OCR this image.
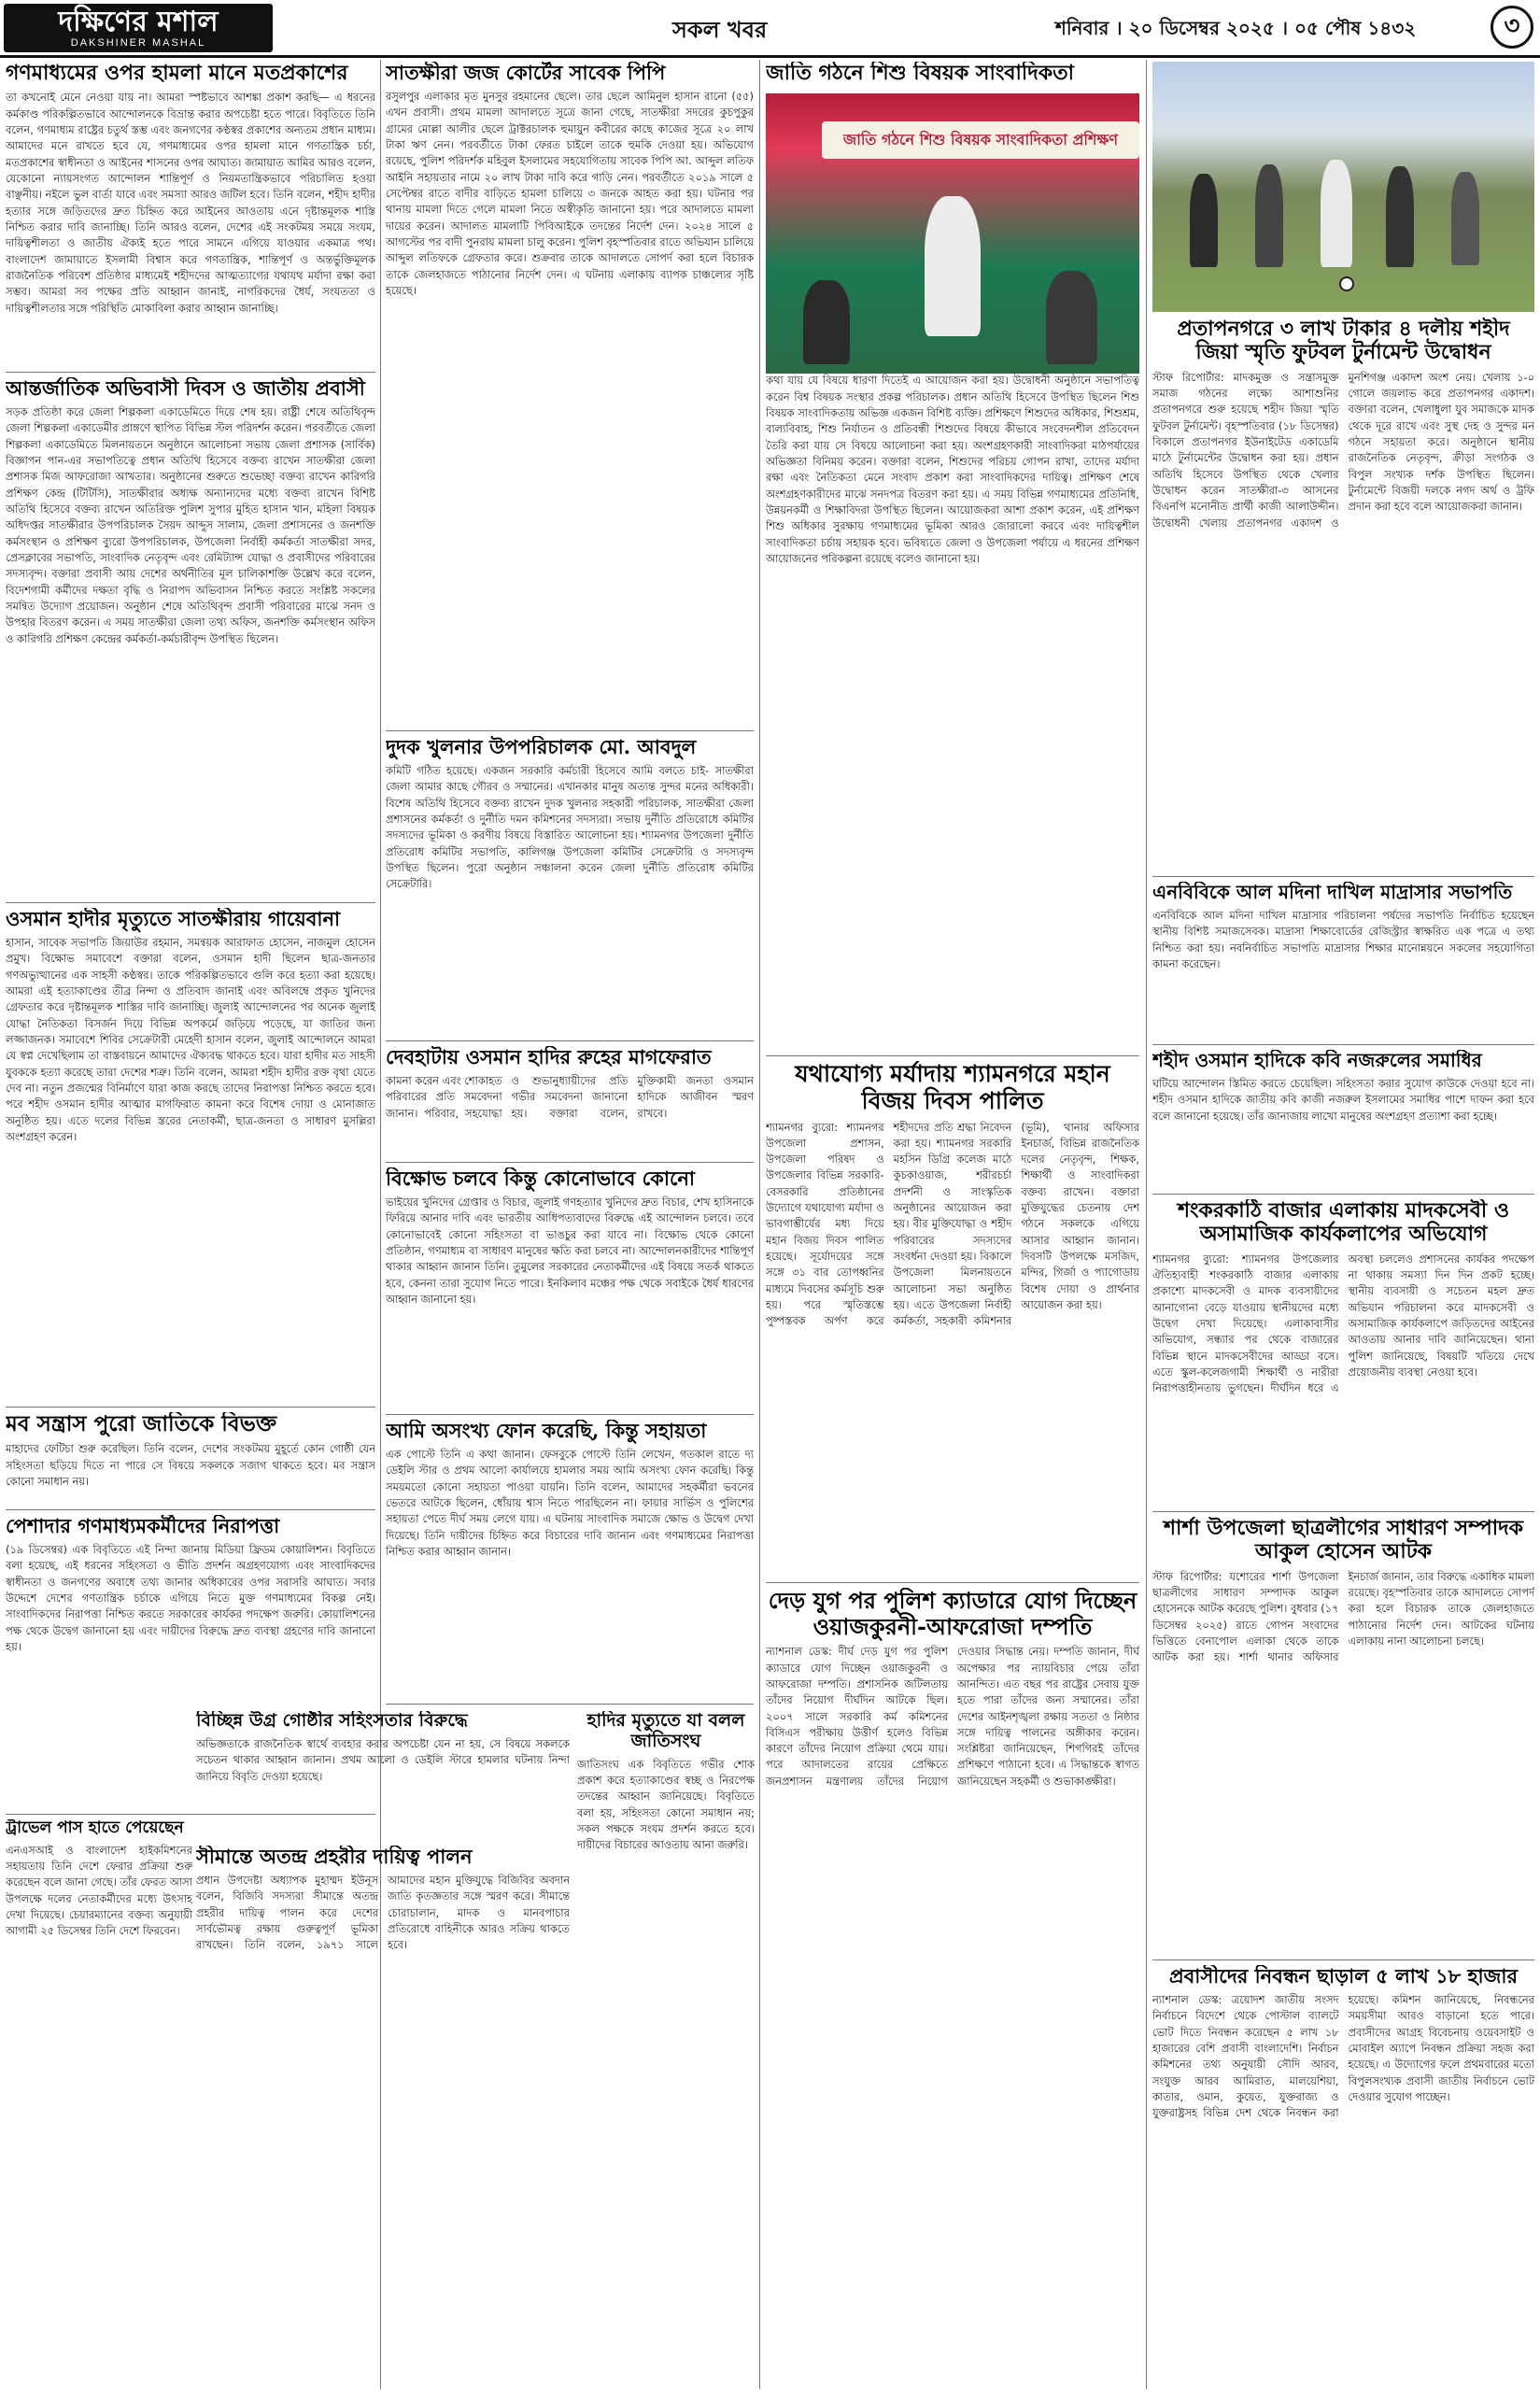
দক্ষিণের মশাল
DAKSHINER MASHAL	সকল খবর	শনিবার । ২০ ডিসেম্বর ২০২৫ । ০৫ পৌষ ১৪৩২	৩
গণমাধ্যমের ওপর হামলা মানে মতপ্রকাশের
তা কখনোই মেনে নেওয়া যায় না। আমরা স্পষ্টভাবে আশঙ্কা প্রকাশ করছি— এ ধরনের কর্মকাণ্ড পরিকল্পিতভাবে আন্দোলনকে বিভ্রান্ত করার অপচেষ্টা হতে পারে। বিবৃতিতে তিনি বলেন, গণমাধ্যম রাষ্ট্রের চতুর্থ স্তম্ভ এবং জনগণের কণ্ঠস্বর প্রকাশের অন্যতম প্রধান মাধ্যম। আমাদের মনে রাখতে হবে যে, গণমাধ্যমের ওপর হামলা মানে গণতান্ত্রিক চর্চা, মতপ্রকাশের স্বাধীনতা ও আইনের শাসনের ওপর আঘাত। জামায়াত আমির আরও বলেন, যেকোনো ন্যায়সংগত আন্দোলন শান্তিপূর্ণ ও নিয়মতান্ত্রিকভাবে পরিচালিত হওয়া বাঞ্ছনীয়। নইলে ভুল বার্তা যাবে এবং সমস্যা আরও জটিল হবে। তিনি বলেন, শহীদ হাদীর হত্যার সঙ্গে জড়িতদের দ্রুত চিহ্নিত করে আইনের আওতায় এনে দৃষ্টান্তমূলক শাস্তি নিশ্চিত করার দাবি জানাচ্ছি। তিনি আরও বলেন, দেশের এই সংকটময় সময়ে সংযম, দায়িত্বশীলতা ও জাতীয় ঐক্যই হতে পারে সামনে এগিয়ে যাওয়ার একমাত্র পথ। বাংলাদেশ জামায়াতে ইসলামী বিশ্বাস করে গণতান্ত্রিক, শান্তিপূর্ণ ও অন্তর্ভুক্তিমূলক রাজনৈতিক পরিবেশ প্রতিষ্ঠার মাধ্যমেই শহীদদের আত্মত্যাগের যথাযথ মর্যাদা রক্ষা করা সম্ভব। আমরা সব পক্ষের প্রতি আহ্বান জানাই, নাগরিকদের ধৈর্য, সংযততা ও দায়িত্বশীলতার সঙ্গে পরিস্থিতি মোকাবিলা করার আহ্বান জানাচ্ছি।
আন্তর্জাতিক অভিবাসী দিবস ও জাতীয় প্রবাসী
সড়ক প্রতিষ্ঠা করে জেলা শিল্পকলা একাডেমিতে দিয়ে শেষ হয়। রাষ্ট্রী শেষে অতিথিবৃন্দ জেলা শিল্পকলা একাডেমীর প্রাঙ্গণে স্থাপিত বিভিন্ন স্টল পরিদর্শন করেন। পরবর্তীতে জেলা শিল্পকলা একাডেমিতে মিলনায়তনে অনুষ্ঠানে আলোচনা সভায় জেলা প্রশাসক (সার্বিক) বিজ্ঞাপন পান-এর সভাপতিত্বে প্রধান অতিথি হিসেবে বক্তব্য রাখেন সাতক্ষীরা জেলা প্রশাসক মিজ আফরোজা আখতার। অনুষ্ঠানের শুরুতে শুভেচ্ছা বক্তব্য রাখেন কারিগরি প্রশিক্ষণ কেন্দ্র (টিটিসি), সাতক্ষীরার অধ্যক্ষ অন্যান্যদের মধ্যে বক্তব্য রাখেন বিশিষ্ট অতিথি হিসেবে বক্তব্য রাখেন অতিরিক্ত পুলিশ সুপার মুহিত হাসান খান, মহিলা বিষয়ক অধিদপ্তর সাতক্ষীরার উপপরিচালক সৈয়দ আব্দুস সালাম, জেলা প্রশাসনের ও জনশক্তি কর্মসংস্থান ও প্রশিক্ষণ ব্যুরো উপপরিচালক, উপজেলা নির্বাহী কর্মকর্তা সাতক্ষীরা সদর, প্রেসক্লাবের সভাপতি, সাংবাদিক নেতৃবৃন্দ এবং রেমিট্যান্স যোদ্ধা ও প্রবাসীদের পরিবারের সদস্যবৃন্দ। বক্তারা প্রবাসী আয় দেশের অর্থনীতির মূল চালিকাশক্তি উল্লেখ করে বলেন, বিদেশগামী কর্মীদের দক্ষতা বৃদ্ধি ও নিরাপদ অভিবাসন নিশ্চিত করতে সংশ্লিষ্ট সকলের সমন্বিত উদ্যোগ প্রয়োজন। অনুষ্ঠান শেষে অতিথিবৃন্দ প্রবাসী পরিবারের মাঝে সনদ ও উপহার বিতরণ করেন। এ সময় সাতক্ষীরা জেলা তথ্য অফিস, জনশক্তি কর্মসংস্থান অফিস ও কারিগরি প্রশিক্ষণ কেন্দ্রের কর্মকর্তা-কর্মচারীবৃন্দ উপস্থিত ছিলেন।
ওসমান হাদীর মৃত্যুতে সাতক্ষীরায় গায়েবানা
হাসান, সাবেক সভাপতি জিয়াউর রহমান, সমন্বয়ক আরাফাত হোসেন, নাজমুল হোসেন প্রমুখ। বিক্ষোভ সমাবেশে বক্তারা বলেন, ওসমান হাদী ছিলেন ছাত্র-জনতার গণঅভ্যুত্থানের এক সাহসী কণ্ঠস্বর। তাকে পরিকল্পিতভাবে গুলি করে হত্যা করা হয়েছে। আমরা এই হত্যাকাণ্ডের তীব্র নিন্দা ও প্রতিবাদ জানাই এবং অবিলম্বে প্রকৃত খুনিদের গ্রেফতার করে দৃষ্টান্তমূলক শাস্তির দাবি জানাচ্ছি। জুলাই আন্দোলনের পর অনেক জুলাই যোদ্ধা নৈতিকতা বিসর্জন দিয়ে বিভিন্ন অপকর্মে জড়িয়ে পড়েছে, যা জাতির জন্য লজ্জাজনক। সমাবেশে শিবির সেক্রেটারী মেহেদী হাসান বলেন, জুলাই আন্দোলনে আমরা যে স্বপ্ন দেখেছিলাম তা বাস্তবায়নে আমাদের ঐক্যবদ্ধ থাকতে হবে। যারা হাদীর মত সাহসী যুবককে হত্যা করেছে তারা দেশের শত্রু। তিনি বলেন, আমরা শহীদ হাদীর রক্ত বৃথা যেতে দেব না। নতুন প্রজন্মের বিনির্মাণে যারা কাজ করছে তাদের নিরাপত্তা নিশ্চিত করতে হবে। পরে শহীদ ওসমান হাদীর আত্মার মাগফিরাত কামনা করে বিশেষ দোয়া ও মোনাজাত অনুষ্ঠিত হয়। এতে দলের বিভিন্ন স্তরের নেতাকর্মী, ছাত্র-জনতা ও সাধারণ মুসল্লিরা অংশগ্রহণ করেন।
মব সন্ত্রাস পুরো জাতিকে বিভক্ত
মাহাদের ফেটিচা শুরু করেছিল। তিনি বলেন, দেশের সংকটময় মুহূর্তে কোন গোষ্ঠী যেন সহিংসতা ছড়িয়ে দিতে না পারে সে বিষয়ে সকলকে সজাগ থাকতে হবে। মব সন্ত্রাস কোনো সমাধান নয়।
পেশাদার গণমাধ্যমকর্মীদের নিরাপত্তা
(১৯ ডিসেম্বর) এক বিবৃতিতে এই নিন্দা জানায় মিডিয়া ফ্রিডম কোয়ালিশন। বিবৃতিতে বলা হয়েছে, এই ধরনের সহিংসতা ও ভীতি প্রদর্শন অগ্রহণযোগ্য এবং সাংবাদিকদের স্বাধীনতা ও জনগণের অবাধে তথ্য জানার অধিকারের ওপর সরাসরি আঘাত। সবার উদ্দেশে দেশের গণতান্ত্রিক চর্চাকে এগিয়ে নিতে মুক্ত গণমাধ্যমের বিকল্প নেই। সাংবাদিকদের নিরাপত্তা নিশ্চিত করতে সরকারের কার্যকর পদক্ষেপ জরুরি। কোয়ালিশনের পক্ষ থেকে উদ্বেগ জানানো হয় এবং দায়ীদের বিরুদ্ধে দ্রুত ব্যবস্থা গ্রহণের দাবি জানানো হয়।
ট্রাভেল পাস হাতে পেয়েছেন
এনএসআই ও বাংলাদেশ হাইকমিশনের সহায়তায় তিনি দেশে ফেরার প্রক্রিয়া শুরু করেছেন বলে জানা গেছে। তাঁর ফেরত আসা উপলক্ষে দলের নেতাকর্মীদের মধ্যে উৎসাহ দেখা দিয়েছে। চেয়ারম্যানের বক্তব্য অনুযায়ী আগামী ২৫ ডিসেম্বর তিনি দেশে ফিরবেন।
সাতক্ষীরা জজ কোর্টের সাবেক পিপি
রসুলপুর এলাকার মৃত মুনসুর রহমানের ছেলে। তার ছেলে আমিনুল হাসান রানো (৫৫) এখন প্রবাসী। প্রথম মামলা আদালতে সূত্রে জানা গেছে, সাতক্ষীরা সদরের কুচপুকুর গ্রামের মোল্লা আলীর ছেলে ট্রাক্টরচালক হুমায়ুন কবীরের কাছে কাজের সূত্রে ২০ লাখ টাকা ঋণ নেন। পরবর্তীতে টাকা ফেরত চাইলে তাকে হুমকি দেওয়া হয়। অভিযোগ রয়েছে, পুলিশ পরিদর্শক মহিবুল ইসলামের সহযোগিতায় সাবেক পিপি আ. আব্দুল লতিফ আইনি সহায়তার নামে ২০ লাখ টাকা দাবি করে গাড়ি নেন। পরবর্তীতে ২০১৯ সালে ৫ সেপ্টেম্বর রাতে বাদীর বাড়িতে হামলা চালিয়ে ৩ জনকে আহত করা হয়। ঘটনার পর থানায় মামলা দিতে গেলে মামলা নিতে অস্বীকৃতি জানানো হয়। পরে আদালতে মামলা দায়ের করেন। আদালত মামলাটি পিবিআইকে তদন্তের নির্দেশ দেন। ২০২৪ সালে ৫ আগস্টের পর বাদী পুনরায় মামলা চালু করেন। পুলিশ বৃহস্পতিবার রাতে অভিযান চালিয়ে আব্দুল লতিফকে গ্রেফতার করে। শুক্রবার তাকে আদালতে সোপর্দ করা হলে বিচারক তাকে জেলহাজতে পাঠানোর নির্দেশ দেন। এ ঘটনায় এলাকায় ব্যাপক চাঞ্চল্যের সৃষ্টি হয়েছে।
দুদক খুলনার উপপরিচালক মো. আবদুল
কমিটি গঠিত হয়েছে। একজন সরকারি কর্মচারী হিসেবে আমি বলতে চাই- সাতক্ষীরা জেলা আমার কাছে গৌরব ও সম্মানের। এখানকার মানুষ অত্যন্ত সুন্দর মনের অধিকারী। বিশেষ অতিথি হিসেবে বক্তব্য রাখেন দুদক খুলনার সহকারী পরিচালক, সাতক্ষীরা জেলা প্রশাসনের কর্মকর্তা ও দুর্নীতি দমন কমিশনের সদস্যরা। সভায় দুর্নীতি প্রতিরোধে কমিটির সদস্যদের ভূমিকা ও করণীয় বিষয়ে বিস্তারিত আলোচনা হয়। শ্যামনগর উপজেলা দুর্নীতি প্রতিরোধ কমিটির সভাপতি, কালিগঞ্জ উপজেলা কমিটির সেক্রেটারি ও সদস্যবৃন্দ উপস্থিত ছিলেন। পুরো অনুষ্ঠান সঞ্চালনা করেন জেলা দুর্নীতি প্রতিরোধ কমিটির সেক্রেটারি।
দেবহাটায় ওসমান হাদির রুহের মাগফেরাত
কামনা করেন এবং শোকাহত পরিবারের প্রতি সমবেদনা জানান। পরিবার, সহযোদ্ধা ও শুভানুধ্যায়ীদের প্রতি গভীর সমবেদনা জানানো হয়। বক্তারা বলেন, মুক্তিকামী জনতা ওসমান হাদিকে আজীবন স্মরণ রাখবে।
বিক্ষোভ চলবে কিন্তু কোনোভাবে কোনো
ভাইয়ের খুনিদের গ্রেপ্তার ও বিচার, জুলাই গণহত্যার খুনিদের দ্রুত বিচার, শেখ হাসিনাকে ফিরিয়ে আনার দাবি এবং ভারতীয় আধিপত্যবাদের বিরুদ্ধে এই আন্দোলন চলবে। তবে কোনোভাবেই কোনো সহিংসতা বা ভাঙচুর করা যাবে না। বিক্ষোভ থেকে কোনো প্রতিষ্ঠান, গণমাধ্যম বা সাধারণ মানুষের ক্ষতি করা চলবে না। আন্দোলনকারীদের শান্তিপূর্ণ থাকার আহ্বান জানান তিনি। তুমুলের সরকারের নেতাকর্মীদের এই বিষয়ে সতর্ক থাকতে হবে, কেননা তারা সুযোগ নিতে পারে। ইনকিলাব মঞ্চের পক্ষ থেকে সবাইকে ধৈর্য ধারণের আহ্বান জানানো হয়।
আমি অসংখ্য ফোন করেছি, কিন্তু সহায়তা
এক পোস্টে তিনি এ কথা জানান। ফেসবুকে পোস্টে তিনি লেখেন, গতকাল রাতে দ্য ডেইলি স্টার ও প্রথম আলো কার্যালয়ে হামলার সময় আমি অসংখ্য ফোন করেছি। কিন্তু সময়মতো কোনো সহায়তা পাওয়া যায়নি। তিনি বলেন, আমাদের সহকর্মীরা ভবনের ভেতরে আটকে ছিলেন, ধোঁয়ায় শ্বাস নিতে পারছিলেন না। ফায়ার সার্ভিস ও পুলিশের সহায়তা পেতে দীর্ঘ সময় লেগে যায়। এ ঘটনায় সাংবাদিক সমাজে ক্ষোভ ও উদ্বেগ দেখা দিয়েছে। তিনি দায়ীদের চিহ্নিত করে বিচারের দাবি জানান এবং গণমাধ্যমের নিরাপত্তা নিশ্চিত করার আহ্বান জানান।
বিচ্ছিন্ন উগ্র গোষ্ঠীর সহিংসতার বিরুদ্ধে
অভিজ্ঞতাকে রাজনৈতিক স্বার্থে ব্যবহার করার অপচেষ্টা যেন না হয়, সে বিষয়ে সকলকে সচেতন থাকার আহ্বান জানান। প্রথম আলো ও ডেইলি স্টারে হামলার ঘটনায় নিন্দা জানিয়ে বিবৃতি দেওয়া হয়েছে।
সীমান্তে অতন্দ্র প্রহরীর দায়িত্ব পালন
প্রধান উপদেষ্টা অধ্যাপক মুহাম্মদ ইউনূস বলেন, বিজিবি সদস্যরা সীমান্তে অতন্দ্র প্রহরীর দায়িত্ব পালন করে দেশের সার্বভৌমত্ব রক্ষায় গুরুত্বপূর্ণ ভূমিকা রাখছেন। তিনি বলেন, ১৯৭১ সালে আমাদের মহান মুক্তিযুদ্ধে বিজিবির অবদান জাতি কৃতজ্ঞতার সঙ্গে স্মরণ করে। সীমান্তে চোরাচালান, মাদক ও মানবপাচার প্রতিরোধে বাহিনীকে আরও সক্রিয় থাকতে হবে।
হাদির মৃত্যুতে যা বলল জাতিসংঘ
জাতিসংঘ এক বিবৃতিতে গভীর শোক প্রকাশ করে হত্যাকাণ্ডের স্বচ্ছ ও নিরপেক্ষ তদন্তের আহ্বান জানিয়েছে। বিবৃতিতে বলা হয়, সহিংসতা কোনো সমাধান নয়; সকল পক্ষকে সংযম প্রদর্শন করতে হবে। দায়ীদের বিচারের আওতায় আনা জরুরি।
জাতি গঠনে শিশু বিষয়ক সাংবাদিকতা
জাতি গঠনে শিশু বিষয়ক সাংবাদিকতা প্রশিক্ষণ
কথা যায় যে বিষয়ে ধারণা দিতেই এ আয়োজন করা হয়। উদ্বোধনী অনুষ্ঠানে সভাপতিত্ব করেন বিশ্ব বিষয়ক সংস্থার প্রকল্প পরিচালক। প্রধান অতিথি হিসেবে উপস্থিত ছিলেন শিশু বিষয়ক সাংবাদিকতায় অভিজ্ঞ একজন বিশিষ্ট ব্যক্তি। প্রশিক্ষণে শিশুদের অধিকার, শিশুশ্রম, বাল্যবিবাহ, শিশু নির্যাতন ও প্রতিবন্ধী শিশুদের বিষয়ে কীভাবে সংবেদনশীল প্রতিবেদন তৈরি করা যায় সে বিষয়ে আলোচনা করা হয়। অংশগ্রহণকারী সাংবাদিকরা মাঠপর্যায়ের অভিজ্ঞতা বিনিময় করেন। বক্তারা বলেন, শিশুদের পরিচয় গোপন রাখা, তাদের মর্যাদা রক্ষা এবং নৈতিকতা মেনে সংবাদ প্রকাশ করা সাংবাদিকদের দায়িত্ব। প্রশিক্ষণ শেষে অংশগ্রহণকারীদের মাঝে সনদপত্র বিতরণ করা হয়। এ সময় বিভিন্ন গণমাধ্যমের প্রতিনিধি, উন্নয়নকর্মী ও শিক্ষাবিদরা উপস্থিত ছিলেন। আয়োজকরা আশা প্রকাশ করেন, এই প্রশিক্ষণ শিশু অধিকার সুরক্ষায় গণমাধ্যমের ভূমিকা আরও জোরালো করবে এবং দায়িত্বশীল সাংবাদিকতা চর্চায় সহায়ক হবে। ভবিষ্যতে জেলা ও উপজেলা পর্যায়ে এ ধরনের প্রশিক্ষণ আয়োজনের পরিকল্পনা রয়েছে বলেও জানানো হয়।
যথাযোগ্য মর্যাদায় শ্যামনগরে মহান বিজয় দিবস পালিত
শ্যামনগর ব্যুরো: শ্যামনগর উপজেলা প্রশাসন, উপজেলা পরিষদ ও উপজেলার বিভিন্ন সরকারি-বেসরকারি প্রতিষ্ঠানের উদ্যোগে যথাযোগ্য মর্যাদা ও ভাবগাম্ভীর্যের মধ্য দিয়ে মহান বিজয় দিবস পালিত হয়েছে। সূর্যোদয়ের সঙ্গে সঙ্গে ৩১ বার তোপধ্বনির মাধ্যমে দিবসের কর্মসূচি শুরু হয়। পরে স্মৃতিস্তম্ভে পুষ্পস্তবক অর্পণ করে শহীদদের প্রতি শ্রদ্ধা নিবেদন করা হয়। শ্যামনগর সরকারি মহসিন ডিগ্রি কলেজ মাঠে কুচকাওয়াজ, শরীরচর্চা প্রদর্শনী ও সাংস্কৃতিক অনুষ্ঠানের আয়োজন করা হয়। বীর মুক্তিযোদ্ধা ও শহীদ পরিবারের সদস্যদের সংবর্ধনা দেওয়া হয়। বিকালে উপজেলা মিলনায়তনে আলোচনা সভা অনুষ্ঠিত হয়। এতে উপজেলা নির্বাহী কর্মকর্তা, সহকারী কমিশনার (ভূমি), থানার অফিসার ইনচার্জ, বিভিন্ন রাজনৈতিক দলের নেতৃবৃন্দ, শিক্ষক, শিক্ষার্থী ও সাংবাদিকরা বক্তব্য রাখেন। বক্তারা মুক্তিযুদ্ধের চেতনায় দেশ গঠনে সকলকে এগিয়ে আসার আহ্বান জানান। দিবসটি উপলক্ষে মসজিদ, মন্দির, গির্জা ও প্যাগোডায় বিশেষ দোয়া ও প্রার্থনার আয়োজন করা হয়।
দেড় যুগ পর পুলিশ ক্যাডারে যোগ দিচ্ছেন ওয়াজকুরনী-আফরোজা দম্পতি
ন্যাশনাল ডেস্ক: দীর্ঘ দেড় যুগ পর পুলিশ ক্যাডারে যোগ দিচ্ছেন ওয়াজকুরনী ও আফরোজা দম্পতি। প্রশাসনিক জটিলতায় তাঁদের নিয়োগ দীর্ঘদিন আটকে ছিল। ২০০৭ সালে সরকারি কর্ম কমিশনের বিসিএস পরীক্ষায় উত্তীর্ণ হলেও বিভিন্ন কারণে তাঁদের নিয়োগ প্রক্রিয়া থেমে যায়। পরে আদালতের রায়ের প্রেক্ষিতে জনপ্রশাসন মন্ত্রণালয় তাঁদের নিয়োগ দেওয়ার সিদ্ধান্ত নেয়। দম্পতি জানান, দীর্ঘ অপেক্ষার পর ন্যায়বিচার পেয়ে তাঁরা আনন্দিত। এত বছর পর রাষ্ট্রের সেবায় যুক্ত হতে পারা তাঁদের জন্য সম্মানের। তাঁরা দেশের আইনশৃঙ্খলা রক্ষায় সততা ও নিষ্ঠার সঙ্গে দায়িত্ব পালনের অঙ্গীকার করেন। সংশ্লিষ্টরা জানিয়েছেন, শিগগিরই তাঁদের প্রশিক্ষণে পাঠানো হবে। এ সিদ্ধান্তকে স্বাগত জানিয়েছেন সহকর্মী ও শুভাকাঙ্ক্ষীরা।
প্রতাপনগরে ৩ লাখ টাকার ৪ দলীয় শহীদ জিয়া স্মৃতি ফুটবল টুর্নামেন্ট উদ্বোধন
স্টাফ রিপোর্টার: মাদকমুক্ত ও সন্ত্রাসমুক্ত সমাজ গঠনের লক্ষ্যে আশাশুনির প্রতাপনগরে শুরু হয়েছে শহীদ জিয়া স্মৃতি ফুটবল টুর্নামেন্ট। বৃহস্পতিবার (১৮ ডিসেম্বর) বিকালে প্রতাপনগর ইউনাইটেড একাডেমি মাঠে টুর্নামেন্টের উদ্বোধন করা হয়। প্রধান অতিথি হিসেবে উপস্থিত থেকে খেলার উদ্বোধন করেন সাতক্ষীরা-৩ আসনের বিএনপি মনোনীত প্রার্থী কাজী আলাউদ্দীন। উদ্বোধনী খেলায় প্রতাপনগর একাদশ ও মুনশিগঞ্জ একাদশ অংশ নেয়। খেলায় ১-০ গোলে জয়লাভ করে প্রতাপনগর একাদশ। বক্তারা বলেন, খেলাধুলা যুব সমাজকে মাদক থেকে দূরে রাখে এবং সুস্থ দেহ ও সুন্দর মন গঠনে সহায়তা করে। অনুষ্ঠানে স্থানীয় রাজনৈতিক নেতৃবৃন্দ, ক্রীড়া সংগঠক ও বিপুল সংখ্যক দর্শক উপস্থিত ছিলেন। টুর্নামেন্টে বিজয়ী দলকে নগদ অর্থ ও ট্রফি প্রদান করা হবে বলে আয়োজকরা জানান।
এনবিবিকে আল মদিনা দাখিল মাদ্রাসার সভাপতি
এনবিবিকে আল মদিনা দাখিল মাদ্রাসার পরিচালনা পর্ষদের সভাপতি নির্বাচিত হয়েছেন স্থানীয় বিশিষ্ট সমাজসেবক। মাদ্রাসা শিক্ষাবোর্ডের রেজিস্ট্রার স্বাক্ষরিত এক পত্রে এ তথ্য নিশ্চিত করা হয়। নবনির্বাচিত সভাপতি মাদ্রাসার শিক্ষার মানোন্নয়নে সকলের সহযোগিতা কামনা করেছেন।
শহীদ ওসমান হাদিকে কবি নজরুলের সমাধির
ঘটিয়ে আন্দোলন স্তিমিত করতে চেয়েছিল। সহিংসতা করার সুযোগ কাউকে দেওয়া হবে না। শহীদ ওসমান হাদিকে জাতীয় কবি কাজী নজরুল ইসলামের সমাধির পাশে দাফন করা হবে বলে জানানো হয়েছে। তাঁর জানাজায় লাখো মানুষের অংশগ্রহণ প্রত্যাশা করা হচ্ছে।
শংকরকাঠি বাজার এলাকায় মাদকসেবী ও অসামাজিক কার্যকলাপের অভিযোগ
শ্যামনগর ব্যুরো: শ্যামনগর উপজেলার ঐতিহ্যবাহী শংকরকাঠি বাজার এলাকায় প্রকাশ্যে মাদকসেবী ও মাদক ব্যবসায়ীদের আনাগোনা বেড়ে যাওয়ায় স্থানীয়দের মধ্যে উদ্বেগ দেখা দিয়েছে। এলাকাবাসীর অভিযোগ, সন্ধ্যার পর থেকে বাজারের বিভিন্ন স্থানে মাদকসেবীদের আড্ডা বসে। এতে স্কুল-কলেজগামী শিক্ষার্থী ও নারীরা নিরাপত্তাহীনতায় ভুগছেন। দীর্ঘদিন ধরে এ অবস্থা চললেও প্রশাসনের কার্যকর পদক্ষেপ না থাকায় সমস্যা দিন দিন প্রকট হচ্ছে। স্থানীয় ব্যবসায়ী ও সচেতন মহল দ্রুত অভিযান পরিচালনা করে মাদকসেবী ও অসামাজিক কার্যকলাপে জড়িতদের আইনের আওতায় আনার দাবি জানিয়েছেন। থানা পুলিশ জানিয়েছে, বিষয়টি খতিয়ে দেখে প্রয়োজনীয় ব্যবস্থা নেওয়া হবে।
শার্শা উপজেলা ছাত্রলীগের সাধারণ সম্পাদক আকুল হোসেন আটক
স্টাফ রিপোর্টার: যশোরের শার্শা উপজেলা ছাত্রলীগের সাধারণ সম্পাদক আকুল হোসেনকে আটক করেছে পুলিশ। বুধবার (১৭ ডিসেম্বর ২০২৫) রাতে গোপন সংবাদের ভিত্তিতে বেনাপোল এলাকা থেকে তাকে আটক করা হয়। শার্শা থানার অফিসার ইনচার্জ জানান, তার বিরুদ্ধে একাধিক মামলা রয়েছে। বৃহস্পতিবার তাকে আদালতে সোপর্দ করা হলে বিচারক তাকে জেলহাজতে পাঠানোর নির্দেশ দেন। আটকের ঘটনায় এলাকায় নানা আলোচনা চলছে।
প্রবাসীদের নিবন্ধন ছাড়াল ৫ লাখ ১৮ হাজার
ন্যাশনাল ডেস্ক: ত্রয়োদশ জাতীয় সংসদ নির্বাচনে বিদেশে থেকে পোস্টাল ব্যালটে ভোট দিতে নিবন্ধন করেছেন ৫ লাখ ১৮ হাজারের বেশি প্রবাসী বাংলাদেশি। নির্বাচন কমিশনের তথ্য অনুযায়ী সৌদি আরব, সংযুক্ত আরব আমিরাত, মালয়েশিয়া, কাতার, ওমান, কুয়েত, যুক্তরাজ্য ও যুক্তরাষ্ট্রসহ বিভিন্ন দেশ থেকে নিবন্ধন করা হয়েছে। কমিশন জানিয়েছে, নিবন্ধনের সময়সীমা আরও বাড়ানো হতে পারে। প্রবাসীদের আগ্রহ বিবেচনায় ওয়েবসাইট ও মোবাইল অ্যাপে নিবন্ধন প্রক্রিয়া সহজ করা হয়েছে। এ উদ্যোগের ফলে প্রথমবারের মতো বিপুলসংখ্যক প্রবাসী জাতীয় নির্বাচনে ভোট দেওয়ার সুযোগ পাচ্ছেন।
